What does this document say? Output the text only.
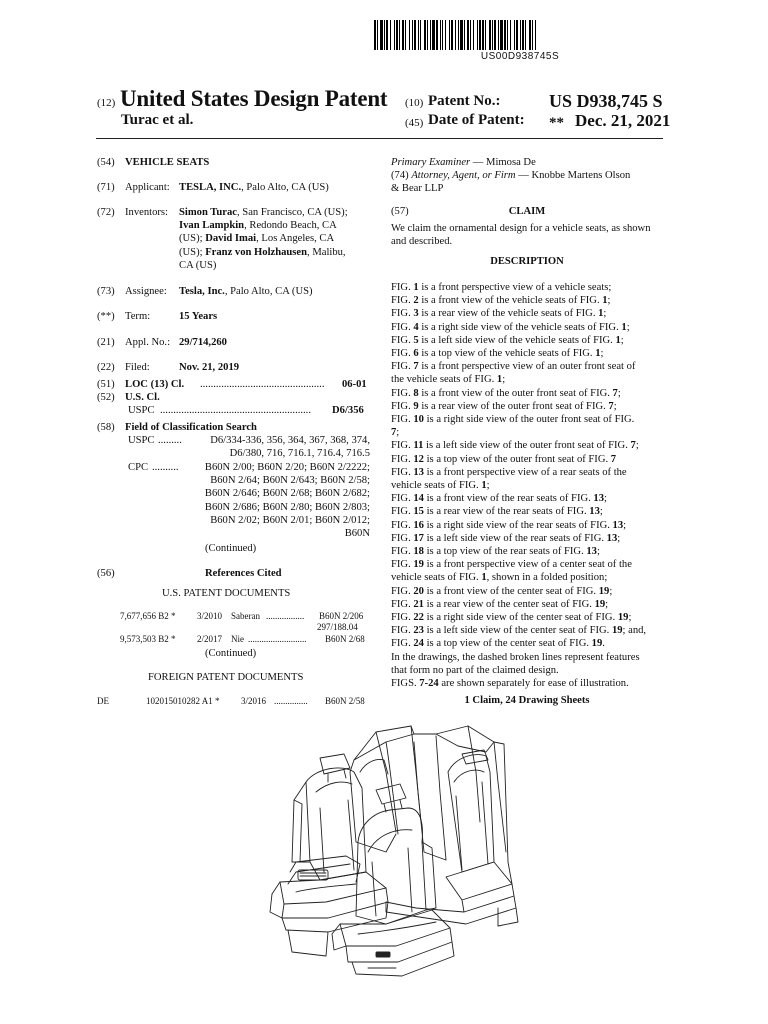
US00D938745S
(12) United States Design Patent
Turac et al.
(10) Patent No.:	US D938,745 S
(45) Date of Patent: ** Dec. 21, 2021
(54) VEHICLE SEATS
(71) Applicant: TESLA, INC., Palo Alto, CA (US)
(72) Inventors: Simon Turac, San Francisco, CA (US);
Ivan Lampkin, Redondo Beach, CA
(US); David Imai, Los Angeles, CA
(US); Franz von Holzhausen, Malibu,
CA (US)
(73) Assignee: Tesla, Inc., Palo Alto, CA (US)
(**) Term:	15 Years
(21) Appl. No.: 29/714,260
(22) Filed:	Nov. 21, 2019
(51) LOC (13) Cl. ...............................................	06-01
(52) U.S. Cl.
USPC .........................................................	D6/356
(58) Field of Classification Search
USPC .........	D6/334-336, 356, 364, 367, 368, 374,
D6/380, 716, 716.1, 716.4, 716.5
CPC ..........	B60N 2/00; B60N 2/20; B60N 2/2222;
B60N 2/64; B60N 2/643; B60N 2/58;
B60N 2/646; B60N 2/68; B60N 2/682;
B60N 2/686; B60N 2/80; B60N 2/803;
B60N 2/02; B60N 2/01; B60N 2/012;
B60N
(Continued)
(56)	References Cited
U.S. PATENT DOCUMENTS
7,677,656 B2 * 3/2010 Saberan .................	B60N 2/206
297/188.04
9,573,503 B2 * 2/2017 Nie ..........................	B60N 2/68
(Continued)
FOREIGN PATENT DOCUMENTS
DE	102015010282 A1 * 3/2016 ...............	B60N 2/58
Primary Examiner — Mimosa De
(74) Attorney, Agent, or Firm — Knobbe Martens Olson
& Bear LLP
(57)	CLAIM
We claim the ornamental design for a vehicle seats, as shown and described.
DESCRIPTION
FIG. 1 is a front perspective view of a vehicle seats;
FIG. 2 is a front view of the vehicle seats of FIG. 1;
FIG. 3 is a rear view of the vehicle seats of FIG. 1;
FIG. 4 is a right side view of the vehicle seats of FIG. 1;
FIG. 5 is a left side view of the vehicle seats of FIG. 1;
FIG. 6 is a top view of the vehicle seats of FIG. 1;
FIG. 7 is a front perspective view of an outer front seat of
the vehicle seats of FIG. 1;
FIG. 8 is a front view of the outer front seat of FIG. 7;
FIG. 9 is a rear view of the outer front seat of FIG. 7;
FIG. 10 is a right side view of the outer front seat of FIG.
7;
FIG. 11 is a left side view of the outer front seat of FIG. 7;
FIG. 12 is a top view of the outer front seat of FIG. 7
FIG. 13 is a front perspective view of a rear seats of the
vehicle seats of FIG. 1;
FIG. 14 is a front view of the rear seats of FIG. 13;
FIG. 15 is a rear view of the rear seats of FIG. 13;
FIG. 16 is a right side view of the rear seats of FIG. 13;
FIG. 17 is a left side view of the rear seats of FIG. 13;
FIG. 18 is a top view of the rear seats of FIG. 13;
FIG. 19 is a front perspective view of a center seat of the
vehicle seats of FIG. 1, shown in a folded position;
FIG. 20 is a front view of the center seat of FIG. 19;
FIG. 21 is a rear view of the center seat of FIG. 19;
FIG. 22 is a right side view of the center seat of FIG. 19;
FIG. 23 is a left side view of the center seat of FIG. 19; and,
FIG. 24 is a top view of the center seat of FIG. 19.
In the drawings, the dashed broken lines represent features
that form no part of the claimed design.
FIGS. 7-24 are shown separately for ease of illustration.
1 Claim, 24 Drawing Sheets
